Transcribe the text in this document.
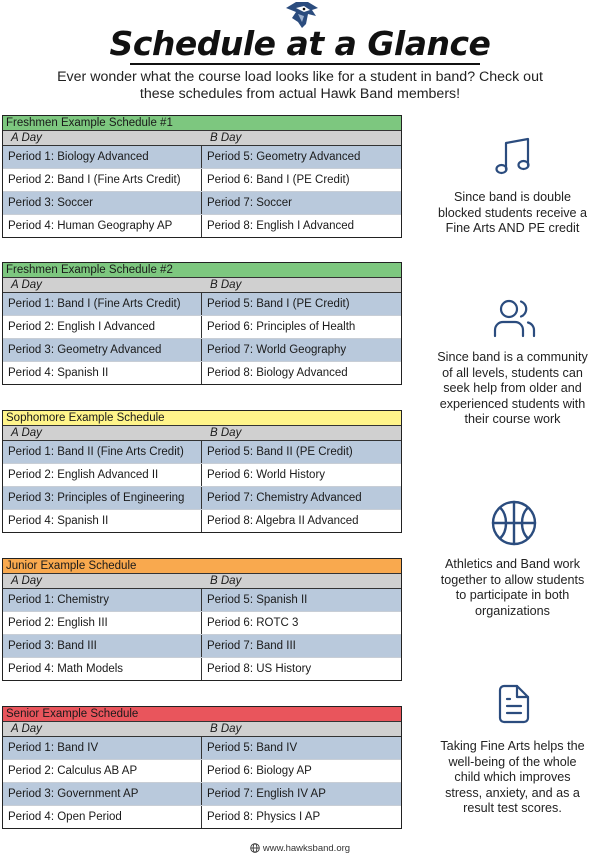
Schedule at a Glance
Ever wonder what the course load looks like for a student in band? Check out
these schedules from actual Hawk Band members!
Freshmen Example Schedule #1
A Day	B Day
Period 1: Biology Advanced	Period 5: Geometry Advanced
Period 2: Band I (Fine Arts Credit)	Period 6: Band I (PE Credit)
Period 3: Soccer	Period 7: Soccer
Period 4: Human Geography AP	Period 8: English I Advanced
Freshmen Example Schedule #2
A Day	B Day
Period 1: Band I (Fine Arts Credit)	Period 5: Band I (PE Credit)
Period 2: English I Advanced	Period 6: Principles of Health
Period 3: Geometry Advanced	Period 7: World Geography
Period 4: Spanish II	Period 8: Biology Advanced
Sophomore Example Schedule
A Day	B Day
Period 1: Band II (Fine Arts Credit)	Period 5: Band II (PE Credit)
Period 2: English Advanced II	Period 6: World History
Period 3: Principles of Engineering	Period 7: Chemistry Advanced
Period 4: Spanish II	Period 8: Algebra II Advanced
Junior Example Schedule
A Day	B Day
Period 1: Chemistry	Period 5: Spanish II
Period 2: English III	Period 6: ROTC 3
Period 3: Band III	Period 7: Band III
Period 4: Math Models	Period 8: US History
Senior Example Schedule
A Day	B Day
Period 1: Band IV	Period 5: Band IV
Period 2: Calculus AB AP	Period 6: Biology AP
Period 3: Government AP	Period 7: English IV AP
Period 4: Open Period	Period 8: Physics I AP
Since band is double
blocked students receive a
Fine Arts AND PE credit
Since band is a community
of all levels, students can
seek help from older and
experienced students with
their course work
Athletics and Band work
together to allow students
to participate in both
organizations
Taking Fine Arts helps the
well-being of the whole
child which improves
stress, anxiety, and as a
result test scores.
www.hawksband.org
